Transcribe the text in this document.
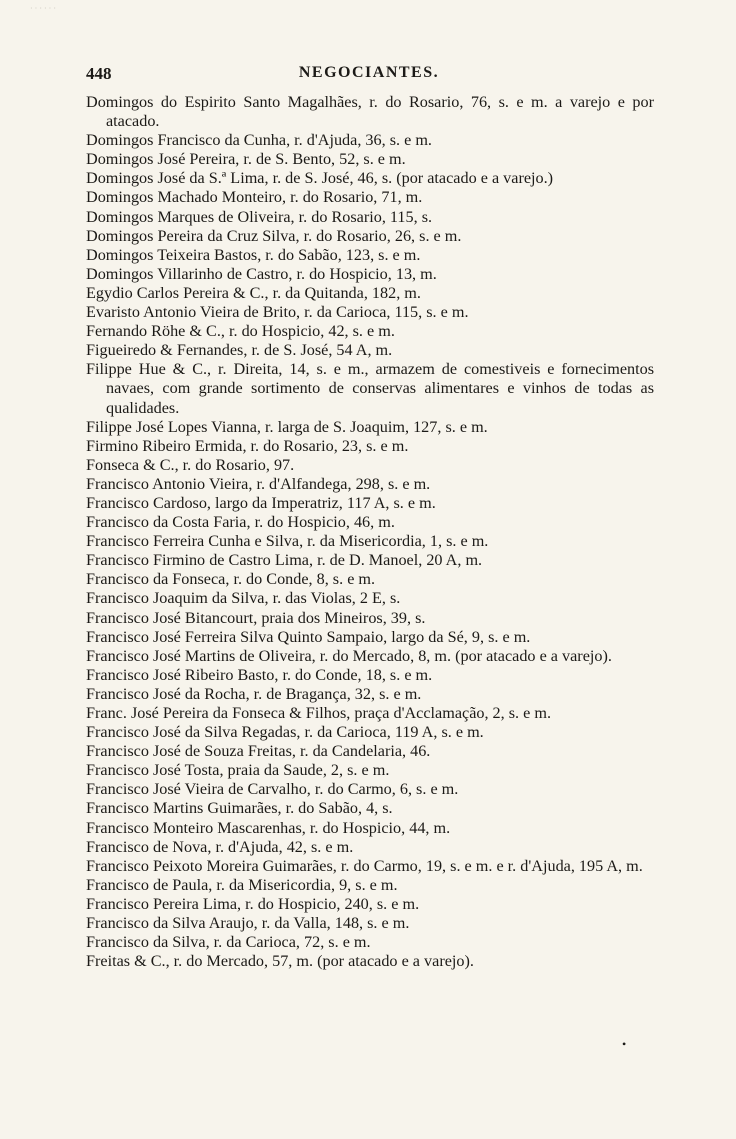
· · · · · ·
448	NEGOCIANTES.

Domingos do Espirito Santo Magalhães, r. do Rosario, 76, s. e m. a varejo e por atacado.

Domingos Francisco da Cunha, r. d'Ajuda, 36, s. e m.

Domingos José Pereira, r. de S. Bento, 52, s. e m.

Domingos José da S.ª Lima, r. de S. José, 46, s. (por atacado e a varejo.)

Domingos Machado Monteiro, r. do Rosario, 71, m.

Domingos Marques de Oliveira, r. do Rosario, 115, s.

Domingos Pereira da Cruz Silva, r. do Rosario, 26, s. e m.

Domingos Teixeira Bastos, r. do Sabão, 123, s. e m.

Domingos Villarinho de Castro, r. do Hospicio, 13, m.

Egydio Carlos Pereira & C., r. da Quitanda, 182, m.

Evaristo Antonio Vieira de Brito, r. da Carioca, 115, s. e m.

Fernando Röhe & C., r. do Hospicio, 42, s. e m.

Figueiredo & Fernandes, r. de S. José, 54 A, m.

Filippe Hue & C., r. Direita, 14, s. e m., armazem de comestiveis e fornecimentos navaes, com grande sortimento de conservas alimentares e vinhos de todas as qualidades.

Filippe José Lopes Vianna, r. larga de S. Joaquim, 127, s. e m.

Firmino Ribeiro Ermida, r. do Rosario, 23, s. e m.

Fonseca & C., r. do Rosario, 97.

Francisco Antonio Vieira, r. d'Alfandega, 298, s. e m.

Francisco Cardoso, largo da Imperatriz, 117 A, s. e m.

Francisco da Costa Faria, r. do Hospicio, 46, m.

Francisco Ferreira Cunha e Silva, r. da Misericordia, 1, s. e m.

Francisco Firmino de Castro Lima, r. de D. Manoel, 20 A, m.

Francisco da Fonseca, r. do Conde, 8, s. e m.

Francisco Joaquim da Silva, r. das Violas, 2 E, s.

Francisco José Bitancourt, praia dos Mineiros, 39, s.

Francisco José Ferreira Silva Quinto Sampaio, largo da Sé, 9, s. e m.

Francisco José Martins de Oliveira, r. do Mercado, 8, m. (por atacado e a varejo).

Francisco José Ribeiro Basto, r. do Conde, 18, s. e m.

Francisco José da Rocha, r. de Bragança, 32, s. e m.

Franc. José Pereira da Fonseca & Filhos, praça d'Acclamação, 2, s. e m.

Francisco José da Silva Regadas, r. da Carioca, 119 A, s. e m.

Francisco José de Souza Freitas, r. da Candelaria, 46.

Francisco José Tosta, praia da Saude, 2, s. e m.

Francisco José Vieira de Carvalho, r. do Carmo, 6, s. e m.

Francisco Martins Guimarães, r. do Sabão, 4, s.

Francisco Monteiro Mascarenhas, r. do Hospicio, 44, m.

Francisco de Nova, r. d'Ajuda, 42, s. e m.

Francisco Peixoto Moreira Guimarães, r. do Carmo, 19, s. e m. e r. d'Ajuda, 195 A, m.

Francisco de Paula, r. da Misericordia, 9, s. e m.

Francisco Pereira Lima, r. do Hospicio, 240, s. e m.

Francisco da Silva Araujo, r. da Valla, 148, s. e m.

Francisco da Silva, r. da Carioca, 72, s. e m.

Freitas & C., r. do Mercado, 57, m. (por atacado e a varejo).

•
